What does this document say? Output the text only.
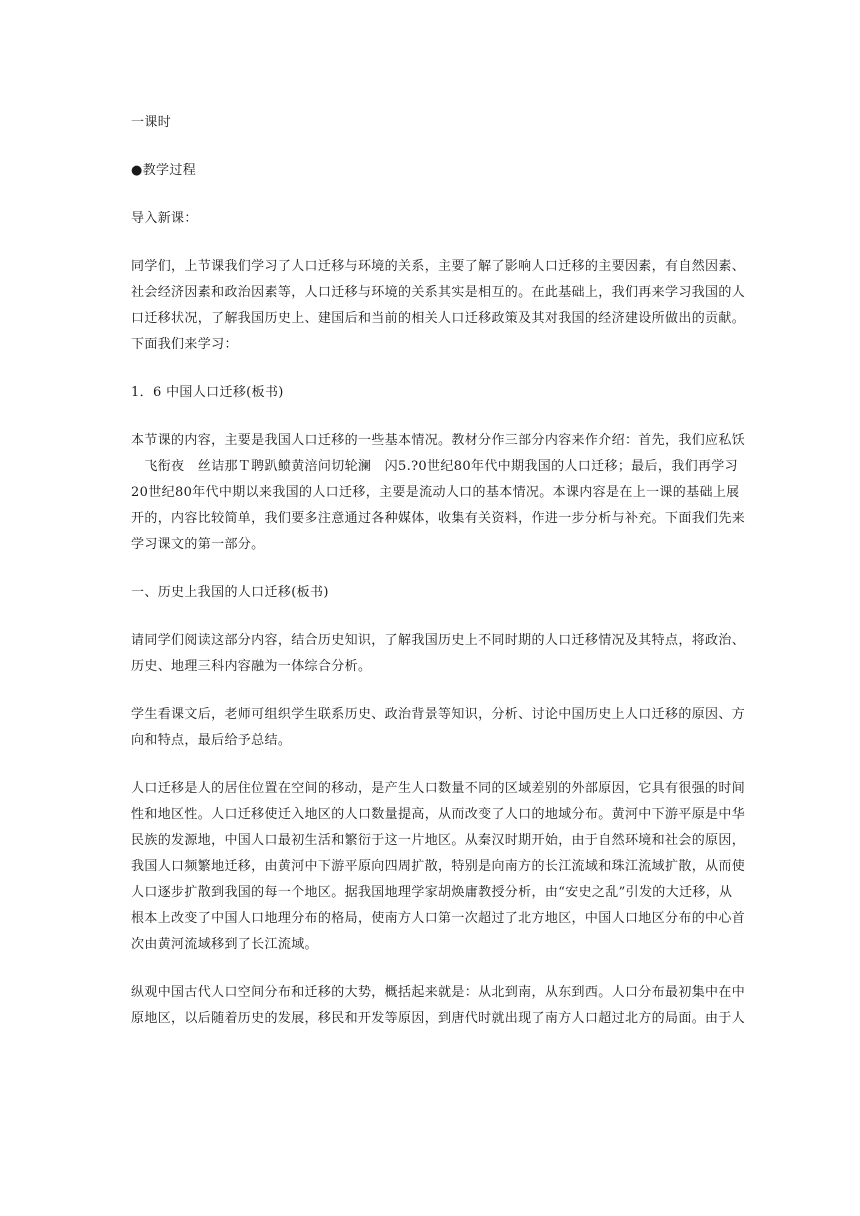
一课时
●教学过程
导入新课：
同学们，上节课我们学习了人口迁移与环境的关系，主要了解了影响人口迁移的主要因素，有自然因素、
社会经济因素和政治因素等，人口迁移与环境的关系其实是相互的。在此基础上，我们再来学习我国的人
口迁移状况，了解我国历史上、建国后和当前的相关人口迁移政策及其对我国的经济建设所做出的贡献。
下面我们来学习：
1．6 中国人口迁移(板书)
本节课的内容，主要是我国人口迁移的一些基本情况。教材分作三部分内容来作介绍：首先，我们应私饫
　飞衔夜　丝诘那Ｔ聘趴鲼黄涪问切轮澜　闪5.?0世纪80年代中期我国的人口迁移；最后，我们再学习
20世纪80年代中期以来我国的人口迁移，主要是流动人口的基本情况。本课内容是在上一课的基础上展
开的，内容比较简单，我们要多注意通过各种媒体，收集有关资料，作进一步分析与补充。下面我们先来
学习课文的第一部分。
一、历史上我国的人口迁移(板书)
请同学们阅读这部分内容，结合历史知识，了解我国历史上不同时期的人口迁移情况及其特点，将政治、
历史、地理三科内容融为一体综合分析。
学生看课文后，老师可组织学生联系历史、政治背景等知识，分析、讨论中国历史上人口迁移的原因、方
向和特点，最后给予总结。
人口迁移是人的居住位置在空间的移动，是产生人口数量不同的区域差别的外部原因，它具有很强的时间
性和地区性。人口迁移使迁入地区的人口数量提高，从而改变了人口的地域分布。黄河中下游平原是中华
民族的发源地，中国人口最初生活和繁衍于这一片地区。从秦汉时期开始，由于自然环境和社会的原因，
我国人口频繁地迁移，由黄河中下游平原向四周扩散，特别是向南方的长江流域和珠江流域扩散，从而使
人口逐步扩散到我国的每一个地区。据我国地理学家胡焕庸教授分析，由“安史之乱”引发的大迁移，从
根本上改变了中国人口地理分布的格局，使南方人口第一次超过了北方地区，中国人口地区分布的中心首
次由黄河流域移到了长江流域。
纵观中国古代人口空间分布和迁移的大势，概括起来就是：从北到南，从东到西。人口分布最初集中在中
原地区，以后随着历史的发展，移民和开发等原因，到唐代时就出现了南方人口超过北方的局面。由于人
